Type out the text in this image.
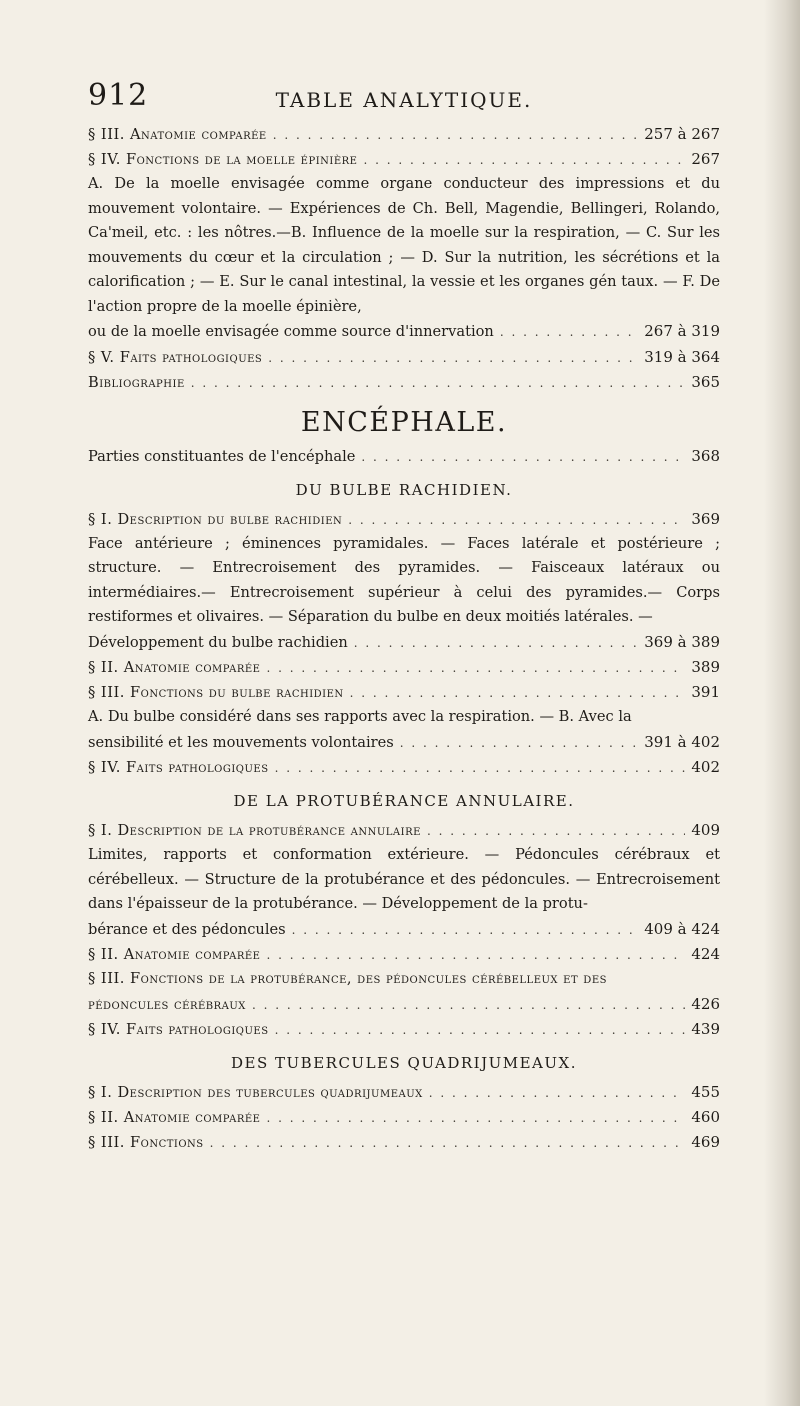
912	TABLE ANALYTIQUE.
§ III. Anatomie comparée . . .	257 à 267
§ IV. Fonctions de la moelle épinière . . .	267

A. De la moelle envisagée comme organe conducteur des impressions et du mouvement volontaire. — Expériences de Ch. Bell, Magendie, Bellingeri, Rolando, Ca'meil, etc. : les nôtres.—B. Influence de la moelle sur la respiration, — C. Sur les mouvements du cœur et la circulation ; — D. Sur la nutrition, les sécrétions et la calorification ; — E. Sur le canal intestinal, la vessie et les organes gén taux. — F. De l'action propre de la moelle épinière,

ou de la moelle envisagée comme source d'innervation . . .	267 à 319
§ V. Faits pathologiques . . .	319 à 364
Bibliographie . . .	365
ENCÉPHALE.
Parties constituantes de l'encéphale . . .	368
DU BULBE RACHIDIEN.
§ I. Description du bulbe rachidien . . .	369

Face antérieure ; éminences pyramidales. — Faces latérale et postérieure ; structure. — Entrecroisement des pyramides. — Faisceaux latéraux ou intermédiaires.— Entrecroisement supérieur à celui des pyramides.— Corps restiformes et olivaires. — Séparation du bulbe en deux moitiés latérales. —

Développement du bulbe rachidien . . .	369 à 389
§ II. Anatomie comparée . . .	389
§ III. Fonctions du bulbe rachidien . . .	391

A. Du bulbe considéré dans ses rapports avec la respiration. — B. Avec la

sensibilité et les mouvements volontaires . . .	391 à 402
§ IV. Faits pathologiques . . .	402
DE LA PROTUBÉRANCE ANNULAIRE.
§ I. Description de la protubérance annulaire . . .	409

Limites, rapports et conformation extérieure. — Pédoncules cérébraux et cérébelleux. — Structure de la protubérance et des pédoncules. — Entrecroisement dans l'épaisseur de la protubérance. — Développement de la protu-

bérance et des pédoncules . . .	409 à 424
§ II. Anatomie comparée . . .	424

§ III. Fonctions de la protubérance, des pédoncules cérébelleux et des

pédoncules cérébraux . . .	426
§ IV. Faits pathologiques . . .	439
DES TUBERCULES QUADRIJUMEAUX.
§ I. Description des tubercules quadrijumeaux . . .	455
§ II. Anatomie comparée . . .	460
§ III. Fonctions . . .	469
